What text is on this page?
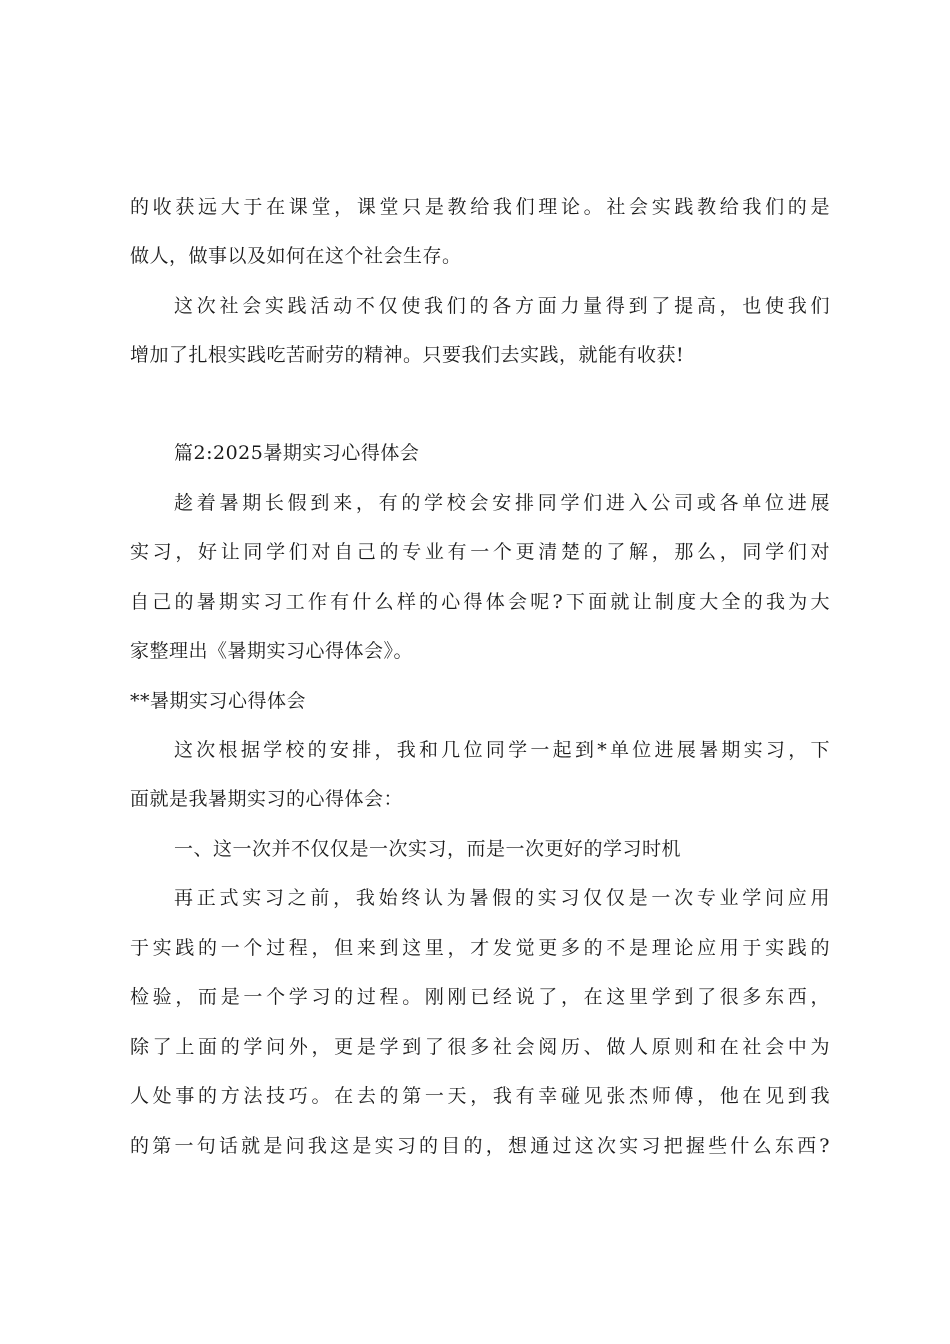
的收获远大于在课堂，课堂只是教给我们理论。社会实践教给我们的是
做人，做事以及如何在这个社会生存。
这次社会实践活动不仅使我们的各方面力量得到了提高，也使我们
增加了扎根实践吃苦耐劳的精神。只要我们去实践，就能有收获!
篇2:2025暑期实习心得体会
趁着暑期长假到来，有的学校会安排同学们进入公司或各单位进展
实习，好让同学们对自己的专业有一个更清楚的了解，那么，同学们对
自己的暑期实习工作有什么样的心得体会呢?下面就让制度大全的我为大
家整理出《暑期实习心得体会》。
**暑期实习心得体会
这次根据学校的安排，我和几位同学一起到*单位进展暑期实习，下
面就是我暑期实习的心得体会：
一、这一次并不仅仅是一次实习，而是一次更好的学习时机
再正式实习之前，我始终认为暑假的实习仅仅是一次专业学问应用
于实践的一个过程，但来到这里，才发觉更多的不是理论应用于实践的
检验，而是一个学习的过程。刚刚已经说了，在这里学到了很多东西，
除了上面的学问外，更是学到了很多社会阅历、做人原则和在社会中为
人处事的方法技巧。在去的第一天，我有幸碰见张杰师傅，他在见到我
的第一句话就是问我这是实习的目的，想通过这次实习把握些什么东西?
